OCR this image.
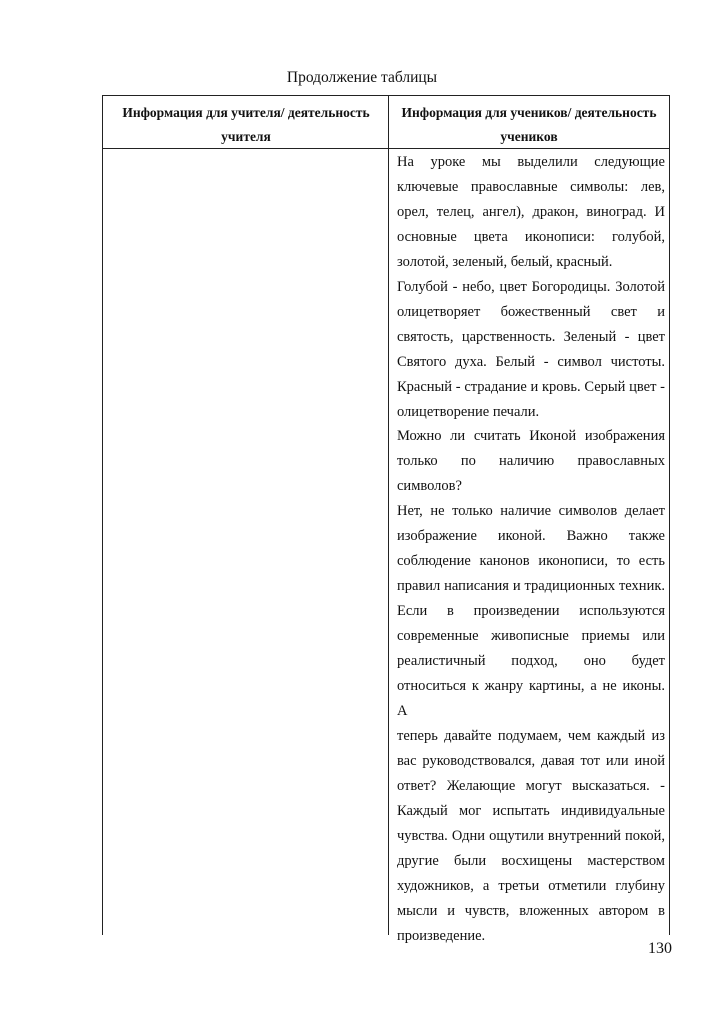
Продолжение таблицы
Информация для учителя/ деятельность учителя
Информация для учеников/ деятельность учеников
На уроке мы выделили следующие
ключевые православные символы: лев,
орел, телец, ангел), дракон, виноград. И
основные цвета иконописи: голубой,
золотой, зеленый, белый, красный.
Голубой - небо, цвет Богородицы. Золотой
олицетворяет божественный свет и
святость, царственность. Зеленый - цвет
Святого духа. Белый - символ чистоты.
Красный - страдание и кровь. Серый цвет -
олицетворение печали.
Можно ли считать Иконой изображения
только по наличию православных
символов?
Нет, не только наличие символов делает
изображение иконой. Важно также
соблюдение канонов иконописи, то есть
правил написания и традиционных техник.
Если в произведении используются
современные живописные приемы или
реалистичный подход, оно будет
относиться к жанру картины, а не иконы. А
теперь давайте подумаем, чем каждый из
вас руководствовался, давая тот или иной
ответ? Желающие могут высказаться. -
Каждый мог испытать индивидуальные
чувства. Одни ощутили внутренний покой,
другие были восхищены мастерством
художников, а третьи отметили глубину
мысли и чувств, вложенных автором в
произведение.
130
